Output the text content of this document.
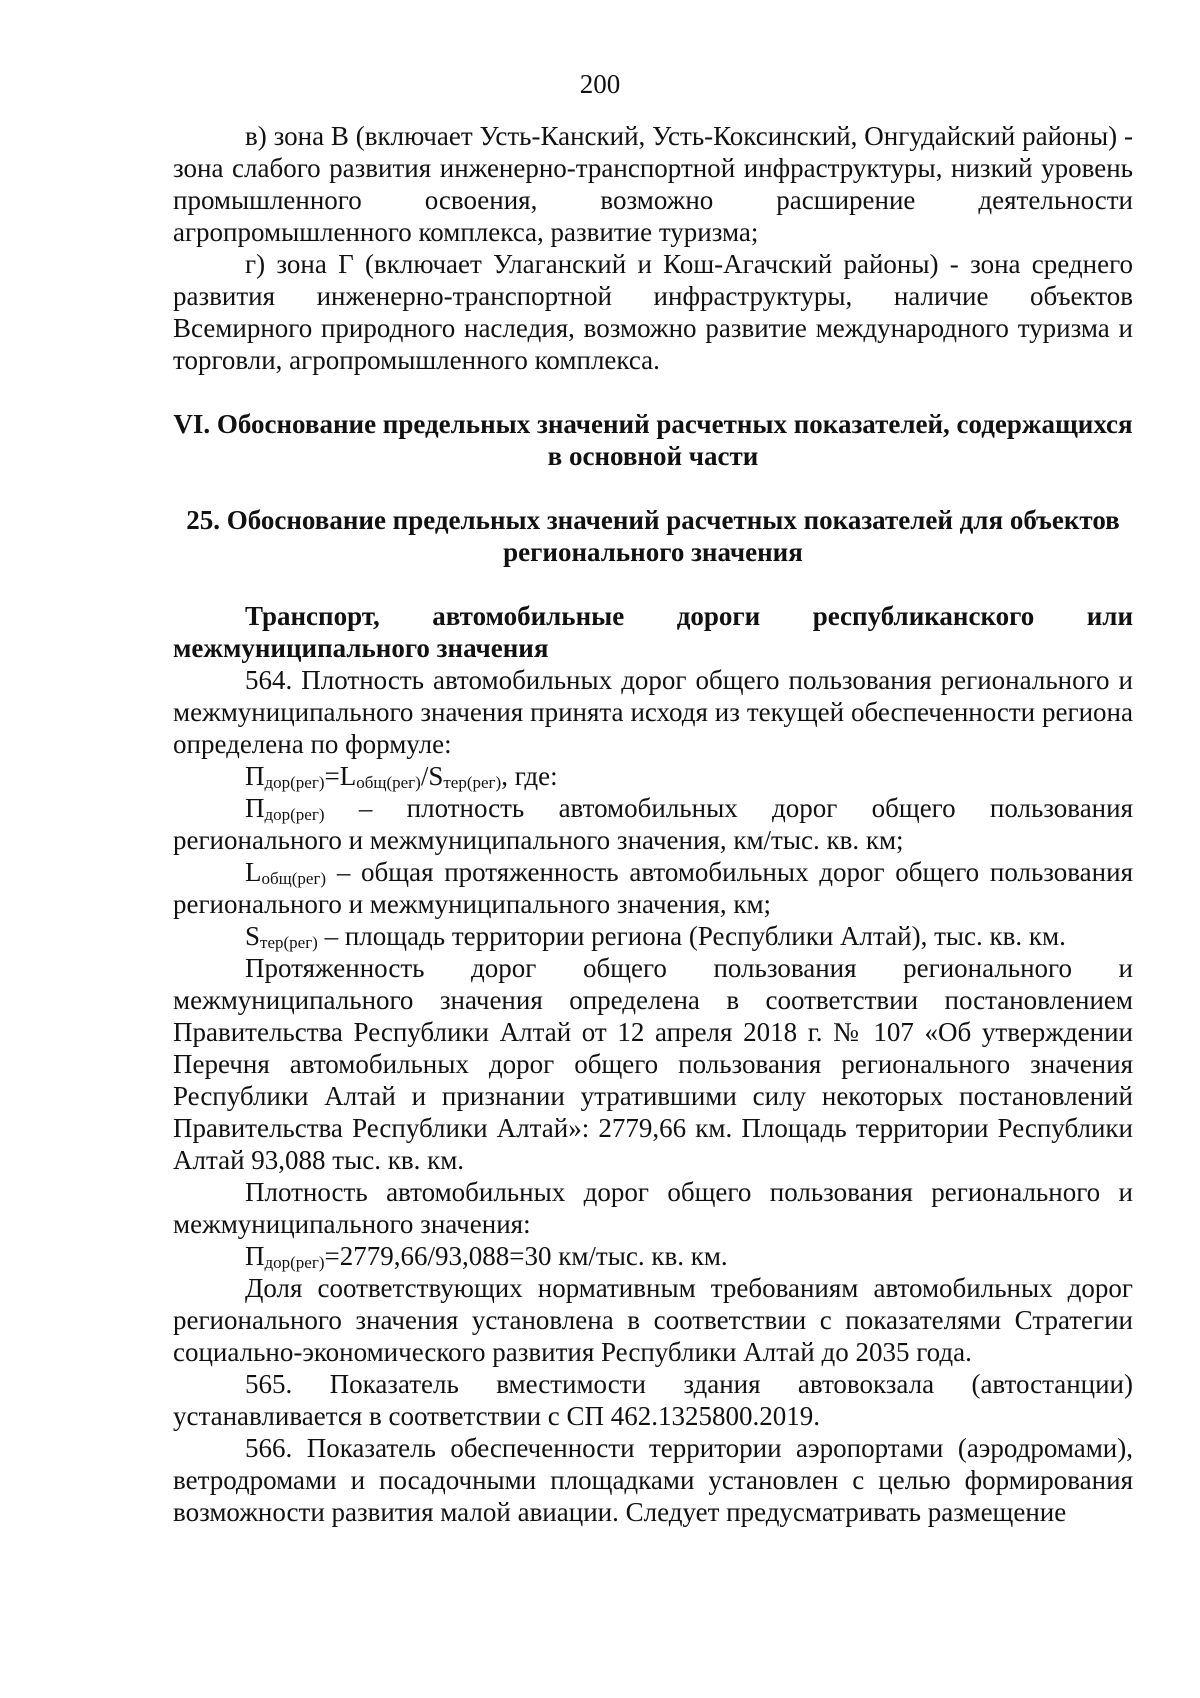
200

в) зона В (включает Усть-Канский, Усть-Коксинский, Онгудайский районы) - зона слабого развития инженерно-транспортной инфраструктуры, низкий уровень промышленного освоения, возможно расширение деятельности агропромышленного комплекса, развитие туризма;

г) зона Г (включает Улаганский и Кош-Агачский районы) - зона среднего развития инженерно-транспортной инфраструктуры, наличие объектов Всемирного природного наследия, возможно развитие международного туризма и торговли, агропромышленного комплекса.

VI. Обоснование предельных значений расчетных показателей, содержащихся в основной части
25. Обоснование предельных значений расчетных показателей для объектов регионального значения

Транспорт, автомобильные дороги республиканского или межмуниципального значения

564. Плотность автомобильных дорог общего пользования регионального и межмуниципального значения принята исходя из текущей обеспеченности региона определена по формуле:

$П_{дор(рег)}=L_{общ(рег)}/S_{тер(рег)}$, где:

$П_{дор(рег)}$ – плотность автомобильных дорог общего пользования регионального и межмуниципального значения, км/тыс. кв. км;

$L_{общ(рег)}$ – общая протяженность автомобильных дорог общего пользования регионального и межмуниципального значения, км;

$S_{тер(рег)}$ – площадь территории региона (Республики Алтай), тыс. кв. км.

Протяженность дорог общего пользования регионального и межмуниципального значения определена в соответствии постановлением Правительства Республики Алтай от 12 апреля 2018 г. № 107 «Об утверждении Перечня автомобильных дорог общего пользования регионального значения Республики Алтай и признании утратившими силу некоторых постановлений Правительства Республики Алтай»: 2779,66 км. Площадь территории Республики Алтай 93,088 тыс. кв. км.

Плотность автомобильных дорог общего пользования регионального и межмуниципального значения:

$П_{дор(рег)}=2779,66/93,088=30$ км/тыс. кв. км.

Доля соответствующих нормативным требованиям автомобильных дорог регионального значения установлена в соответствии с показателями Стратегии социально-экономического развития Республики Алтай до 2035 года.

565. Показатель вместимости здания автовокзала (автостанции) устанавливается в соответствии с СП 462.1325800.2019.

566. Показатель обеспеченности территории аэропортами (аэродромами), ветродромами и посадочными площадками установлен с целью формирования возможности развития малой авиации. Следует предусматривать размещение
